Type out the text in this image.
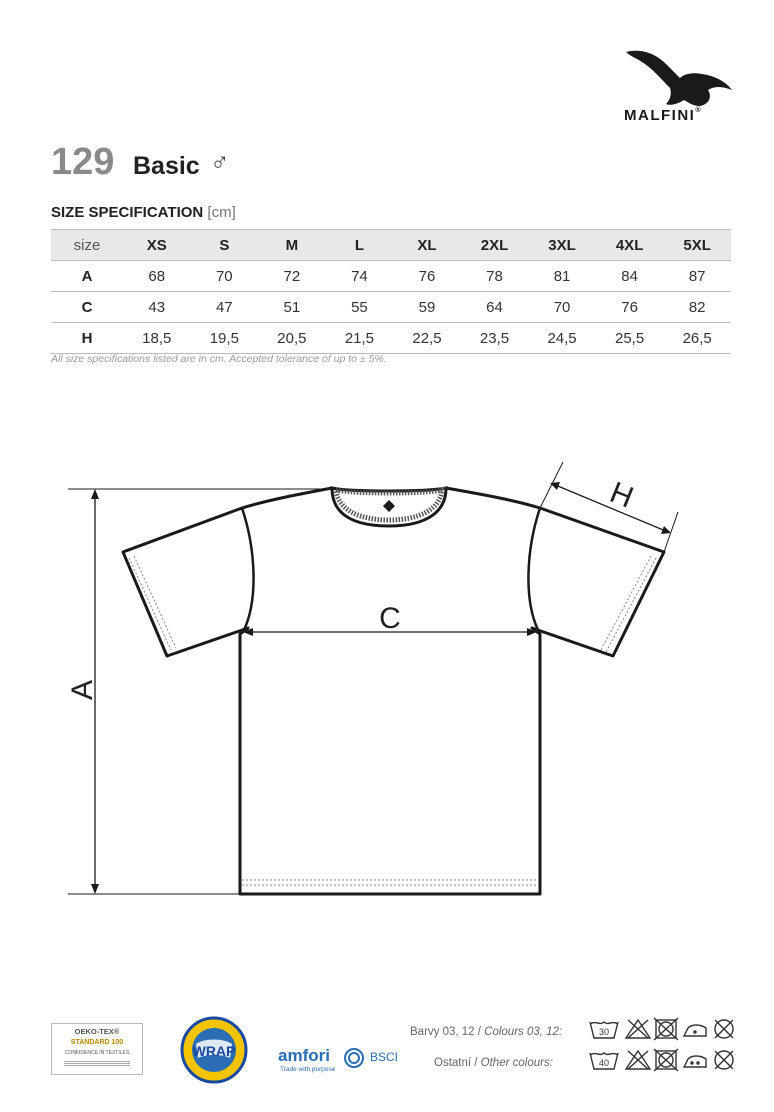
MALFINI®
129 Basic ♂
SIZE SPECIFICATION [cm]
size	XS	S	M	L	XL	2XL	3XL	4XL	5XL
A	68	70	72	74	76	78	81	84	87
C	43	47	51	55	59	64	70	76	82
H	18,5	19,5	20,5	21,5	22,5	23,5	24,5	25,5	26,5
All size specifications listed are in cm. Accepted tolerance of up to ± 5%.
A
C
H
OEKO-TEX®
STANDARD 100
CONFIDENCE IN TEXTILES	WRAP	amfori	BSCI
Trade with purpose
Barvy 03, 12 / Colours 03, 12:
Ostatní / Other colours:
30
40
